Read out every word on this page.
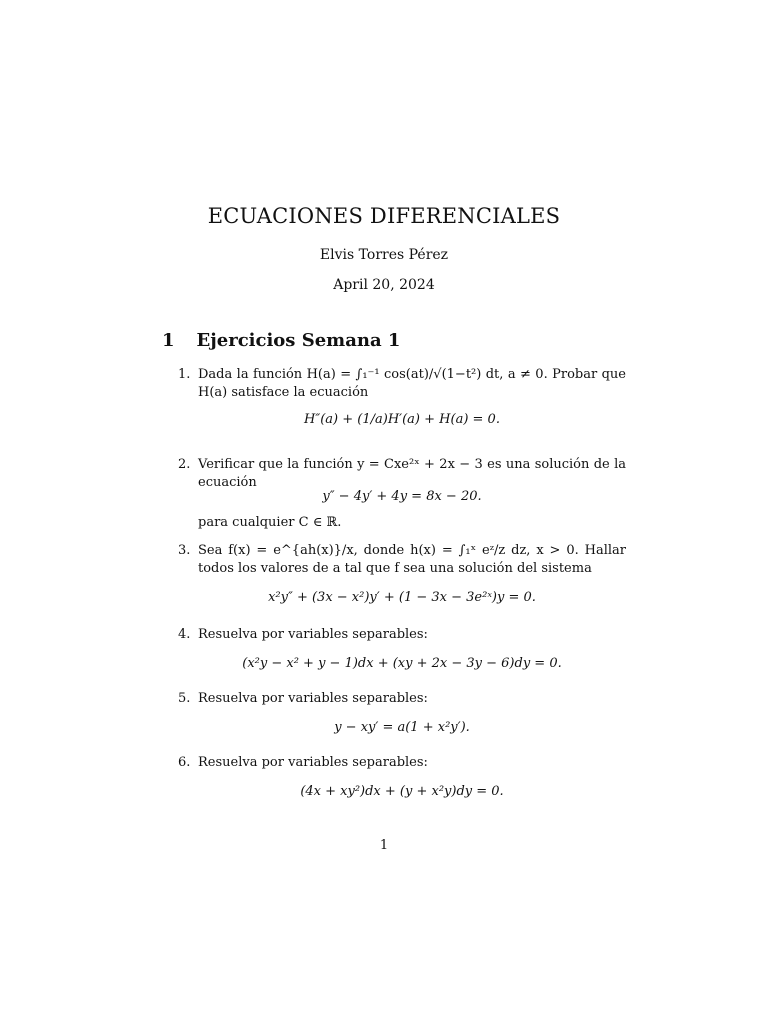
ECUACIONES DIFERENCIALES
Elvis Torres Pérez
April 20, 2024
1 Ejercicios Semana 1
1. Dada la función H(a) = ∫₁⁻¹ cos(at)/√(1−t²) dt, a ≠ 0. Probar que H(a) satisface la ecuación
H″(a) + (1/a)H′(a) + H(a) = 0.
2. Verificar que la función y = Cxe²ˣ + 2x − 3 es una solución de la ecuación
y″ − 4y′ + 4y = 8x − 20.
para cualquier C ∈ ℝ.
3. Sea f(x) = e^{ah(x)}/x, donde h(x) = ∫₁ˣ eᶻ/z dz, x > 0. Hallar todos los valores de a tal que f sea una solución del sistema
x²y″ + (3x − x²)y′ + (1 − 3x − 3e²ˣ)y = 0.
4. Resuelva por variables separables:
(x²y − x² + y − 1)dx + (xy + 2x − 3y − 6)dy = 0.
5. Resuelva por variables separables:
y − xy′ = a(1 + x²y′).
6. Resuelva por variables separables:
(4x + xy²)dx + (y + x²y)dy = 0.
1
